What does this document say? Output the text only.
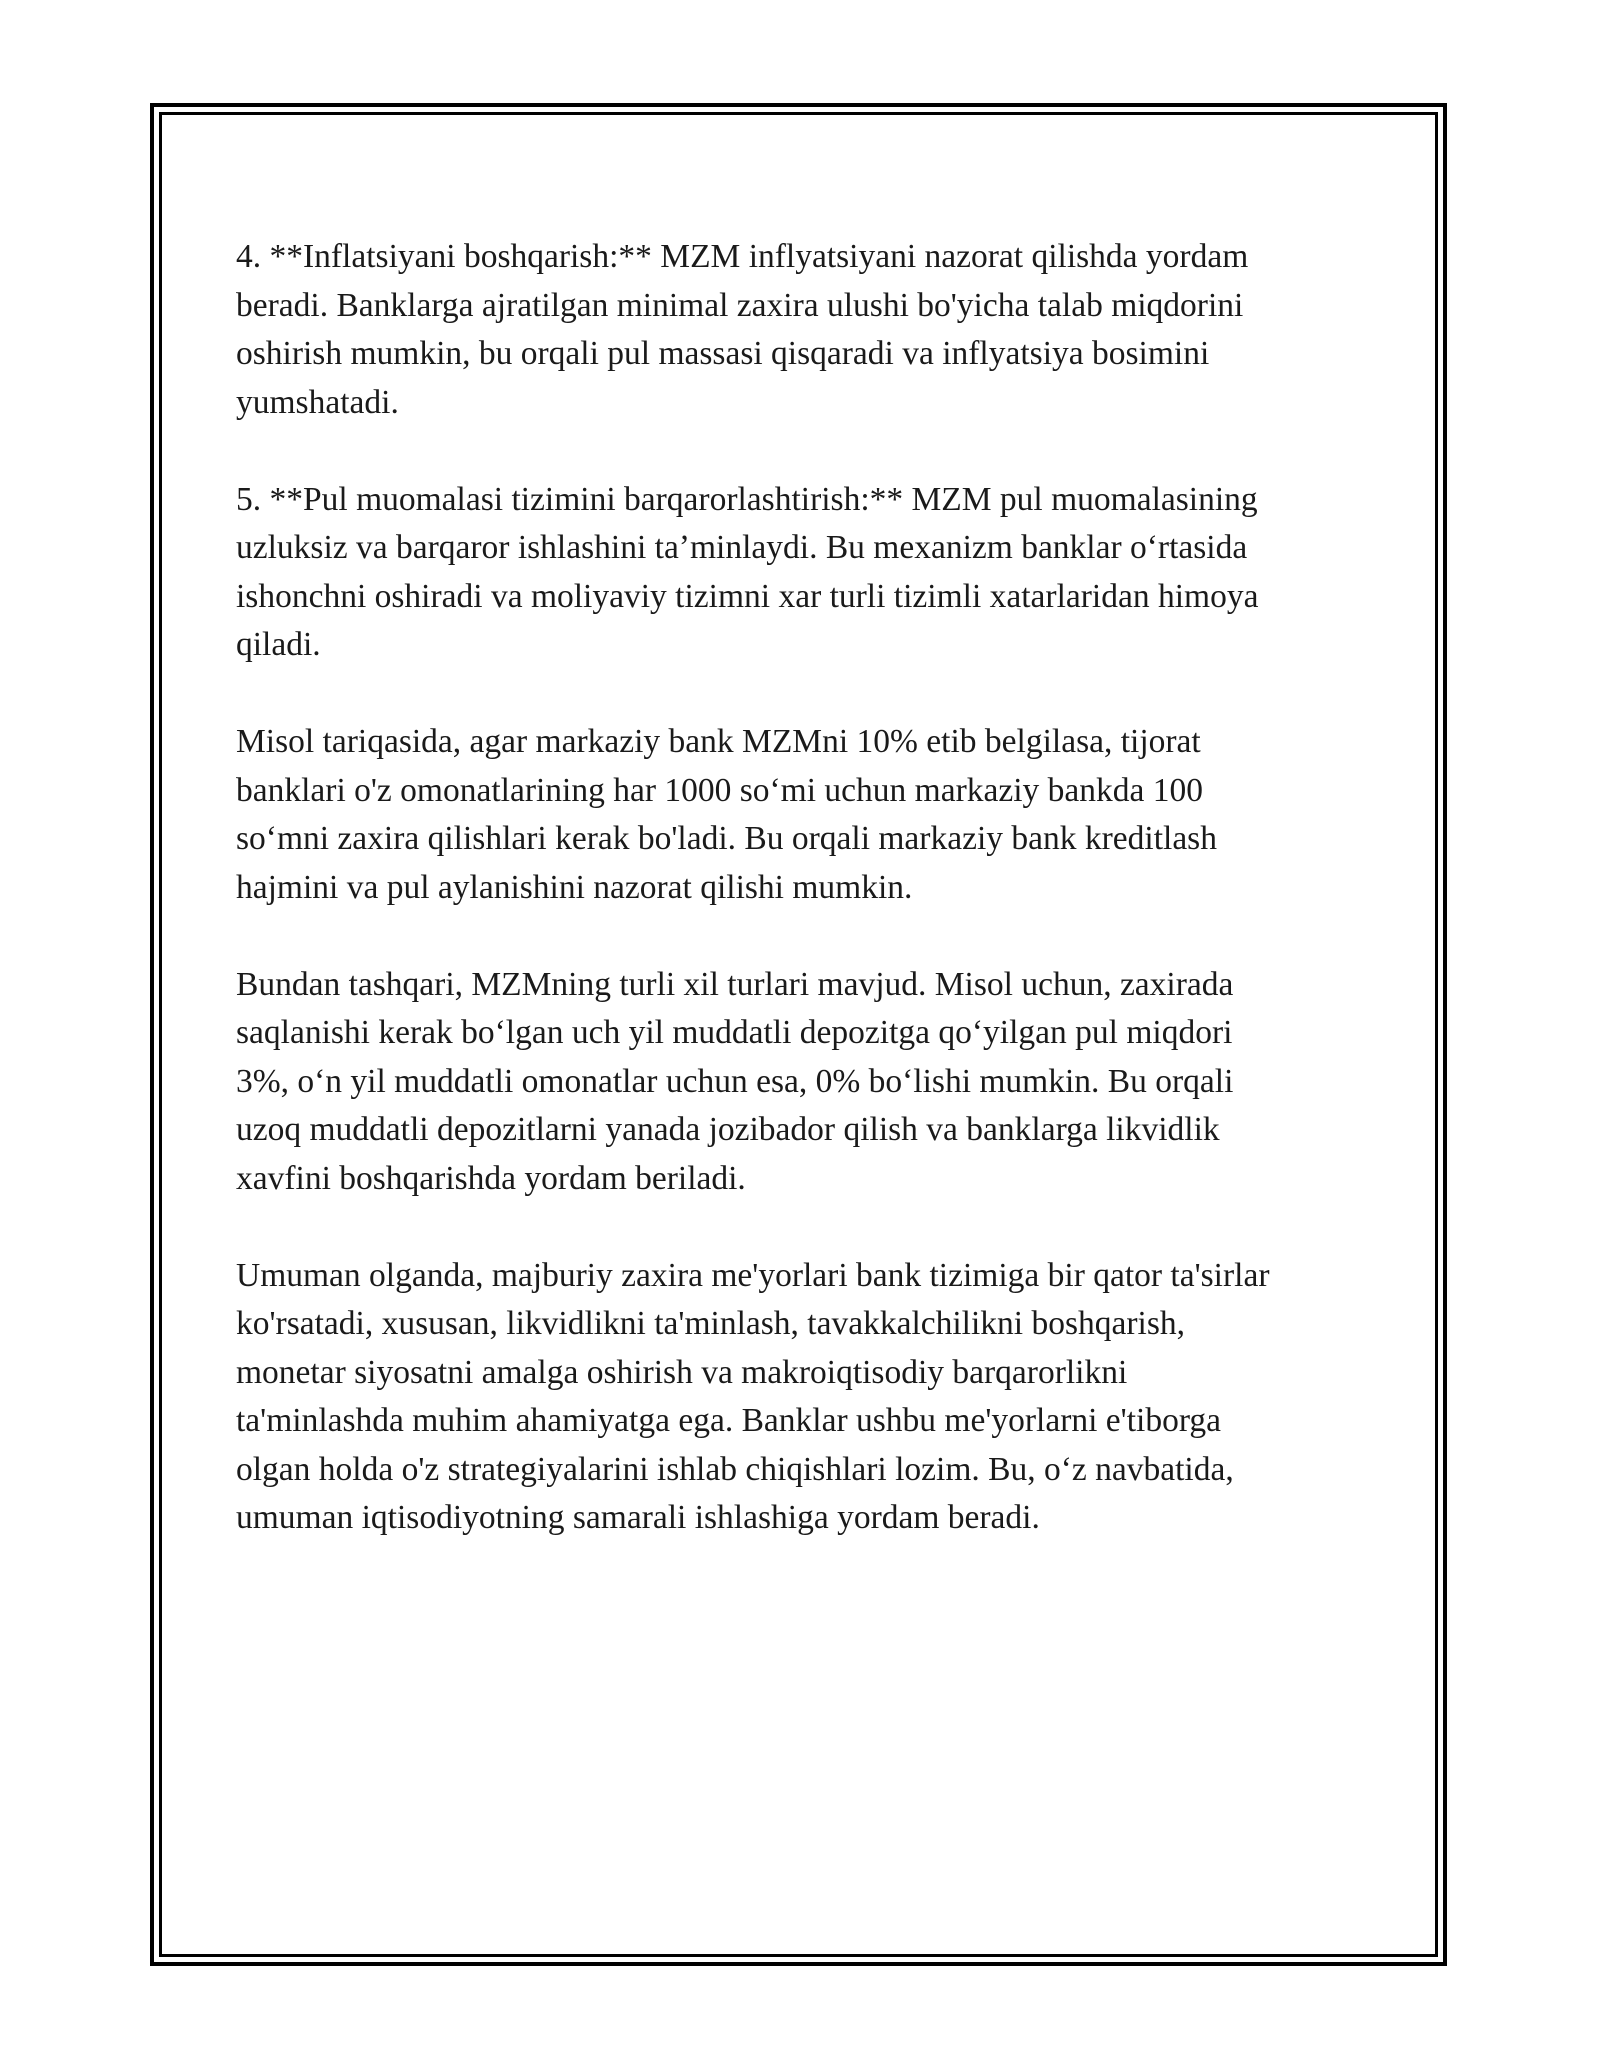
4. **Inflatsiyani boshqarish:** MZM inflyatsiyani nazorat qilishda yordam
beradi. Banklarga ajratilgan minimal zaxira ulushi bo'yicha talab miqdorini
oshirish mumkin, bu orqali pul massasi qisqaradi va inflyatsiya bosimini
yumshatadi.

5. **Pul muomalasi tizimini barqarorlashtirish:** MZM pul muomalasining
uzluksiz va barqaror ishlashini taʼminlaydi. Bu mexanizm banklar oʻrtasida
ishonchni oshiradi va moliyaviy tizimni xar turli tizimli xatarlaridan himoya
qiladi.

Misol tariqasida, agar markaziy bank MZMni 10% etib belgilasa, tijorat
banklari o'z omonatlarining har 1000 soʻmi uchun markaziy bankda 100
soʻmni zaxira qilishlari kerak bo'ladi. Bu orqali markaziy bank kreditlash
hajmini va pul aylanishini nazorat qilishi mumkin.

Bundan tashqari, MZMning turli xil turlari mavjud. Misol uchun, zaxirada
saqlanishi kerak boʻlgan uch yil muddatli depozitga qoʻyilgan pul miqdori
3%, oʻn yil muddatli omonatlar uchun esa, 0% boʻlishi mumkin. Bu orqali
uzoq muddatli depozitlarni yanada jozibador qilish va banklarga likvidlik
xavfini boshqarishda yordam beriladi.

Umuman olganda, majburiy zaxira me'yorlari bank tizimiga bir qator ta'sirlar
ko'rsatadi, xususan, likvidlikni ta'minlash, tavakkalchilikni boshqarish,
monetar siyosatni amalga oshirish va makroiqtisodiy barqarorlikni
ta'minlashda muhim ahamiyatga ega. Banklar ushbu me'yorlarni e'tiborga
olgan holda o'z strategiyalarini ishlab chiqishlari lozim. Bu, oʻz navbatida,
umuman iqtisodiyotning samarali ishlashiga yordam beradi.
